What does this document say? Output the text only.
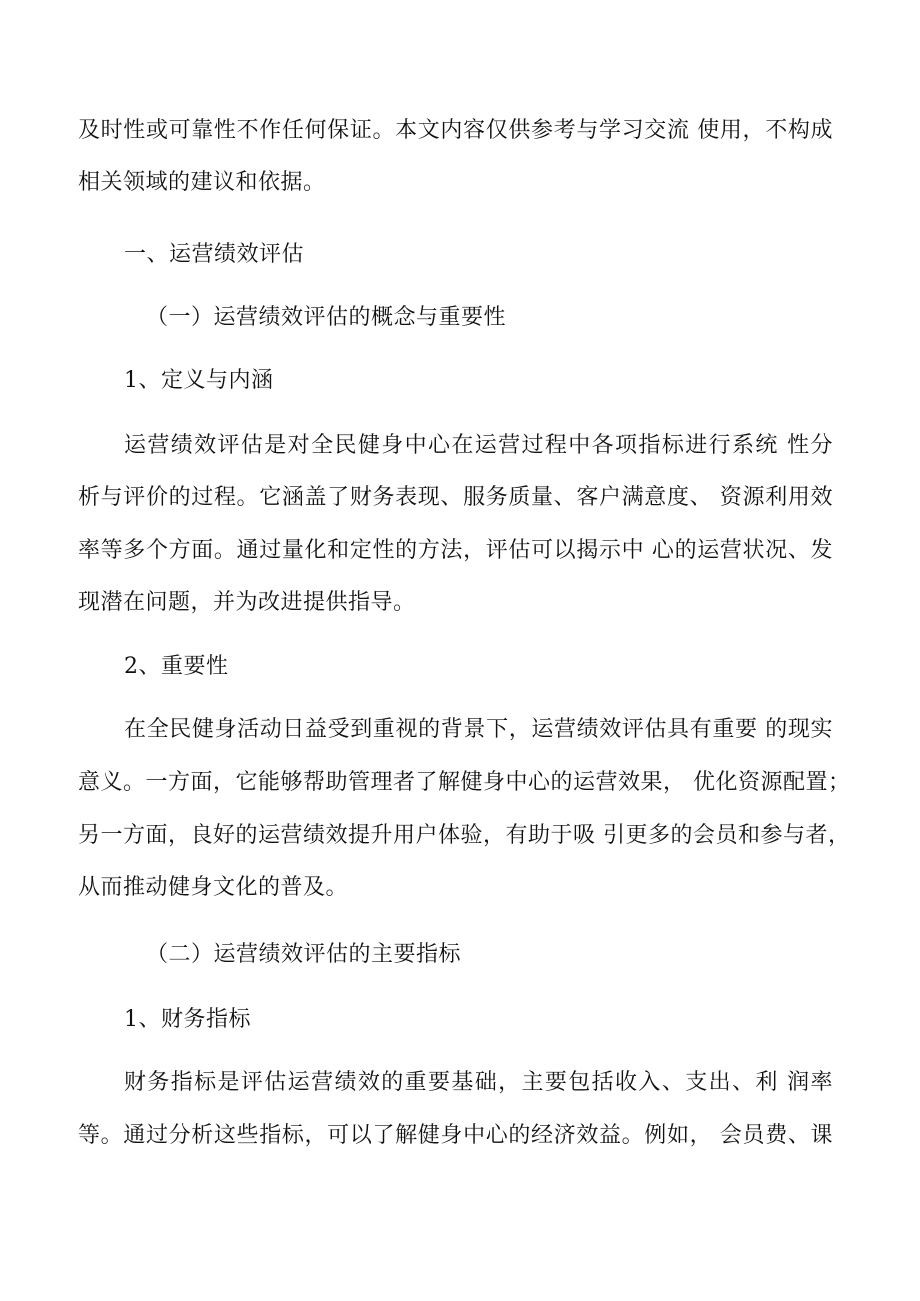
及时性或可靠性不作任何保证。本文内容仅供参考与学习交流 使用，不构成
相关领域的建议和依据。
一、运营绩效评估
（一）运营绩效评估的概念与重要性
1、定义与内涵
运营绩效评估是对全民健身中心在运营过程中各项指标进行系统 性分
析与评价的过程。它涵盖了财务表现、服务质量、客户满意度、 资源利用效
率等多个方面。通过量化和定性的方法，评估可以揭示中 心的运营状况、发
现潜在问题，并为改进提供指导。
2、重要性
在全民健身活动日益受到重视的背景下，运营绩效评估具有重要 的现实
意义。一方面，它能够帮助管理者了解健身中心的运营效果， 优化资源配置；
另一方面，良好的运营绩效提升用户体验，有助于吸 引更多的会员和参与者，
从而推动健身文化的普及。
（二）运营绩效评估的主要指标
1、财务指标
财务指标是评估运营绩效的重要基础，主要包括收入、支出、利 润率
等。通过分析这些指标，可以了解健身中心的经济效益。例如， 会员费、课
